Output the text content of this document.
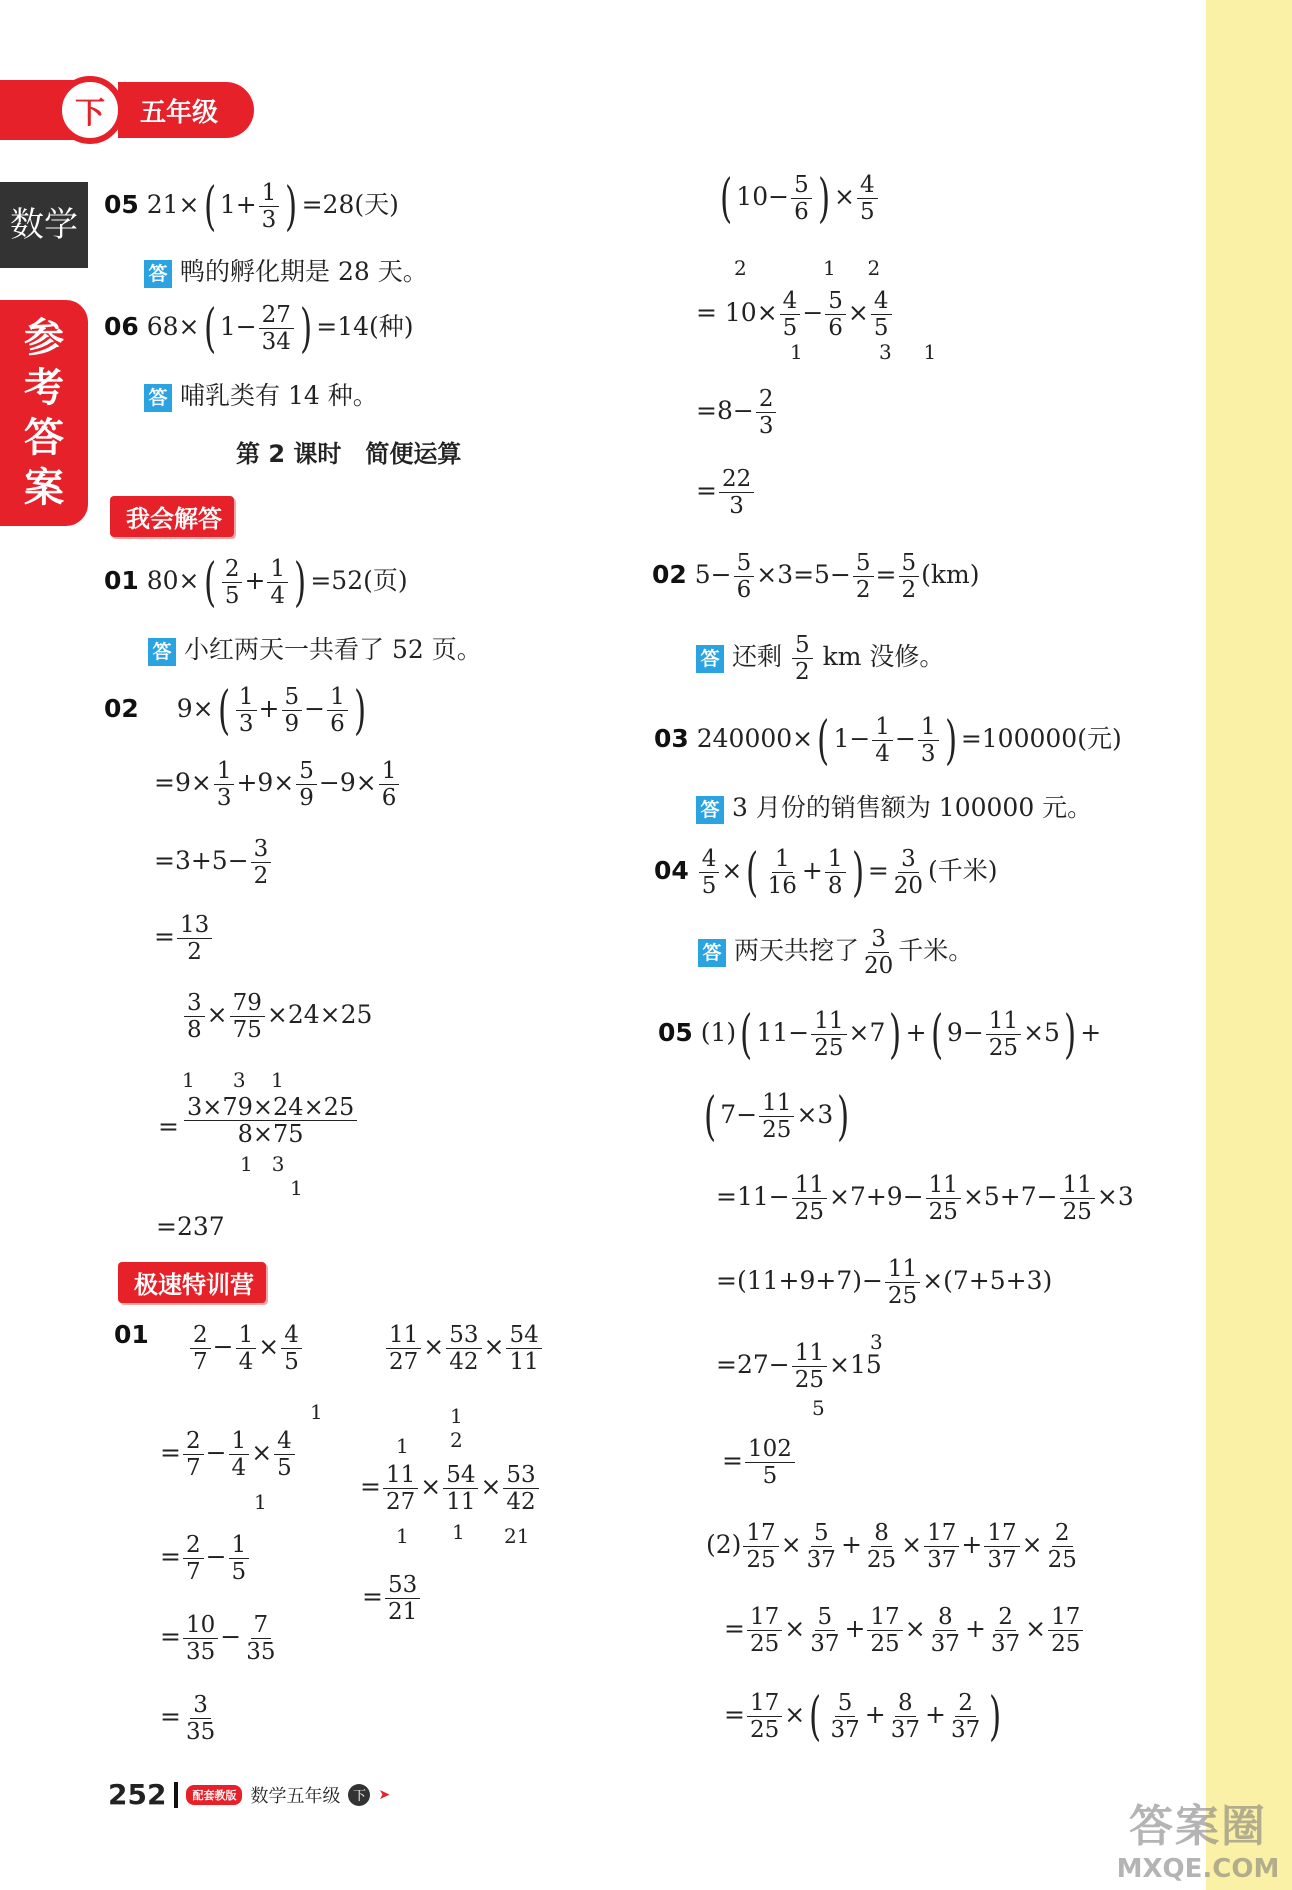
下	五年级
数学
参
考
答
案
05 21×( $1+ \frac{1}{3}$ ) =28(天)
答 鸭的孵化期是 28 天。
06 68×( $1- \frac{27}{34}$ ) =14(种)
答 哺乳类有 14 种。
第 2 课时　简便运算
我会解答
01 $80\times( \frac{2}{5} + \frac{1}{4}$ ) =52(页)
答 小红两天一共看了 52 页。
02 $9\times( \frac{1}{3} + \frac{5}{9} - \frac{1}{6}$ )
$=9\times \frac{1}{3} +9\times \frac{5}{9} -9\times \frac{1}{6}$
$=3+5- \frac{3}{2}$
= $\frac{13}{2}$
$\frac{3}{8} \times \frac{79}{75} \times 24\times 25$
1      3    1
= $\frac{3\times 79\times 24\times 25}{8\times 75}$
1   3
1
=237
极速特训营
$01 \frac{2}{7} - \frac{1}{4} \times \frac{4}{5}$
1
= $\frac{2}{7} - \frac{1}{4} \times \frac{4}{5}$
1
= $\frac{2}{7} - \frac{1}{5}$
= $\frac{10}{35} - \frac{7}{35}$
= $\frac{3}{35}$
$\frac{11}{27} \times \frac{53}{42} \times \frac{54}{11}$
1
1
2
= $\frac{11}{27} \times \frac{54}{11} \times \frac{53}{42}$
1 1 21
= $\frac{53}{21}$
( $10- \frac{5}{6}$ ) × $\frac{4}{5}$
2            1     2
= $10\times \frac{4}{5} - \frac{5}{6} \times \frac{4}{5}$
1            3     1
$=8- \frac{2}{3}$
= $\frac{22}{3}$
02 $5- \frac{5}{6} \times 3=5- \frac{5}{2} = \frac{5}{2} (km)$
答 还剩 $\frac{5}{2}$ km 没修。
03 240000×( $1- \frac{1}{4} - \frac{1}{3}$ ) =100000(元)
答 3 月份的销售额为 100000 元。
$04 \frac{4}{5}$ ×( $\frac{1}{16} + \frac{1}{8}$ ) = $\frac{3}{20}$ (千米)
答 两天共挖了 $\frac{3}{20}$ 千米。
05 (1)( $11- \frac{11}{25} \times 7$) +( $9- \frac{11}{25} \times 5$) +
( $7- \frac{11}{25} \times 3$)
$=11- \frac{11}{25} \times 7+9- \frac{11}{25} \times 5+7- \frac{11}{25} \times 3$
$=(11+9+7)- \frac{11}{25} \times(7+5+3)$
3
$=27- \frac{11}{25} \times 15$
5
= $\frac{102}{5}$
$(2) \frac{17}{25} \times \frac{5}{37} + \frac{8}{25} \times \frac{17}{37} + \frac{17}{37} \times \frac{2}{25}$
= $\frac{17}{25} \times \frac{5}{37} + \frac{17}{25} \times \frac{8}{37} + \frac{2}{37} \times \frac{17}{25}$
= $\frac{17}{25}$ ×( $\frac{5}{37} + \frac{8}{37} + \frac{2}{37}$ )
252	配套教版 数学五年级 下 ➤
答案圈
MXQE.COM
